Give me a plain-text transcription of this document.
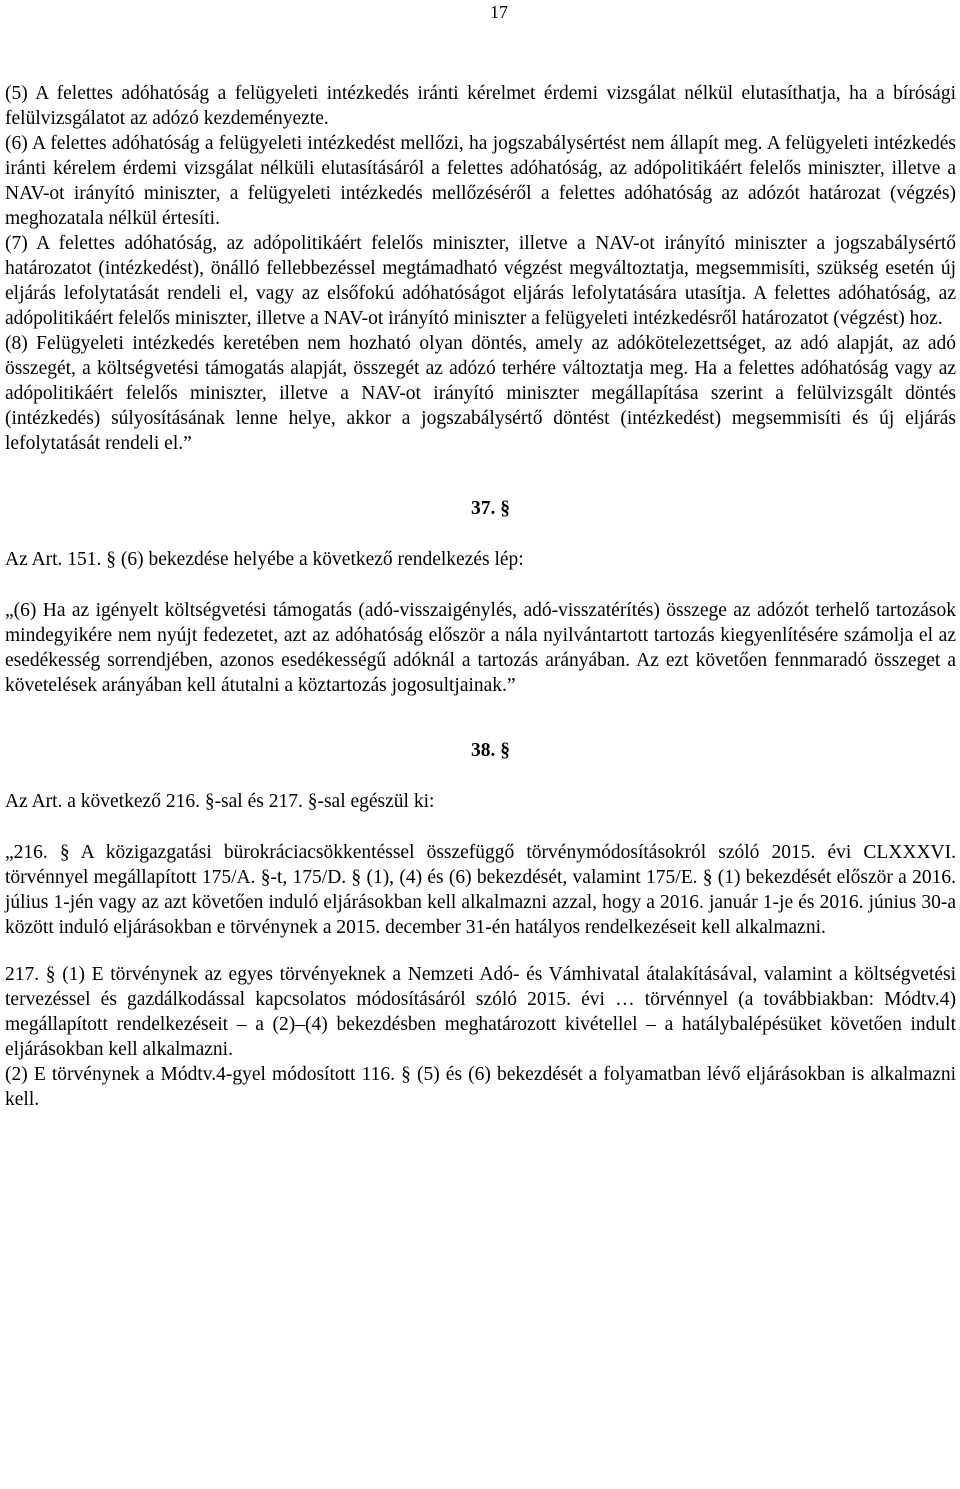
17

(5) A felettes adóhatóság a felügyeleti intézkedés iránti kérelmet érdemi vizsgálat nélkül elutasíthatja, ha a bírósági felülvizsgálatot az adózó kezdeményezte.

(6) A felettes adóhatóság a felügyeleti intézkedést mellőzi, ha jogszabálysértést nem állapít meg. A felügyeleti intézkedés iránti kérelem érdemi vizsgálat nélküli elutasításáról a felettes adóhatóság, az adópolitikáért felelős miniszter, illetve a NAV-ot irányító miniszter, a felügyeleti intézkedés mellőzéséről a felettes adóhatóság az adózót határozat (végzés) meghozatala nélkül értesíti.

(7) A felettes adóhatóság, az adópolitikáért felelős miniszter, illetve a NAV-ot irányító miniszter a jogszabálysértő határozatot (intézkedést), önálló fellebbezéssel megtámadható végzést megváltoztatja, megsemmisíti, szükség esetén új eljárás lefolytatását rendeli el, vagy az elsőfokú adóhatóságot eljárás lefolytatására utasítja. A felettes adóhatóság, az adópolitikáért felelős miniszter, illetve a NAV-ot irányító miniszter a felügyeleti intézkedésről határozatot (végzést) hoz.

(8) Felügyeleti intézkedés keretében nem hozható olyan döntés, amely az adókötelezettséget, az adó alapját, az adó összegét, a költségvetési támogatás alapját, összegét az adózó terhére változtatja meg. Ha a felettes adóhatóság vagy az adópolitikáért felelős miniszter, illetve a NAV-ot irányító miniszter megállapítása szerint a felülvizsgált döntés (intézkedés) súlyosításának lenne helye, akkor a jogszabálysértő döntést (intézkedést) megsemmisíti és új eljárás lefolytatását rendeli el.”

37. §

Az Art. 151. § (6) bekezdése helyébe a következő rendelkezés lép:

„(6) Ha az igényelt költségvetési támogatás (adó-visszaigénylés, adó-visszatérítés) összege az adózót terhelő tartozások mindegyikére nem nyújt fedezetet, azt az adóhatóság először a nála nyilvántartott tartozás kiegyenlítésére számolja el az esedékesség sorrendjében, azonos esedékességű adóknál a tartozás arányában. Az ezt követően fennmaradó összeget a követelések arányában kell átutalni a köztartozás jogosultjainak.”

38. §

Az Art. a következő 216. §-sal és 217. §-sal egészül ki:

„216. § A közigazgatási bürokráciacsökkentéssel összefüggő törvénymódosításokról szóló 2015. évi CLXXXVI. törvénnyel megállapított 175/A. §-t, 175/D. § (1), (4) és (6) bekezdését, valamint 175/E. § (1) bekezdését először a 2016. július 1-jén vagy az azt követően induló eljárásokban kell alkalmazni azzal, hogy a 2016. január 1-je és 2016. június 30-a között induló eljárásokban e törvénynek a 2015. december 31-én hatályos rendelkezéseit kell alkalmazni.

217. § (1) E törvénynek az egyes törvényeknek a Nemzeti Adó- és Vámhivatal átalakításával, valamint a költségvetési tervezéssel és gazdálkodással kapcsolatos módosításáról szóló 2015. évi … törvénnyel (a továbbiakban: Módtv.4) megállapított rendelkezéseit – a (2)–(4) bekezdésben meghatározott kivétellel – a hatálybalépésüket követően indult eljárásokban kell alkalmazni.

(2) E törvénynek a Módtv.4-gyel módosított 116. § (5) és (6) bekezdését a folyamatban lévő eljárásokban is alkalmazni kell.
